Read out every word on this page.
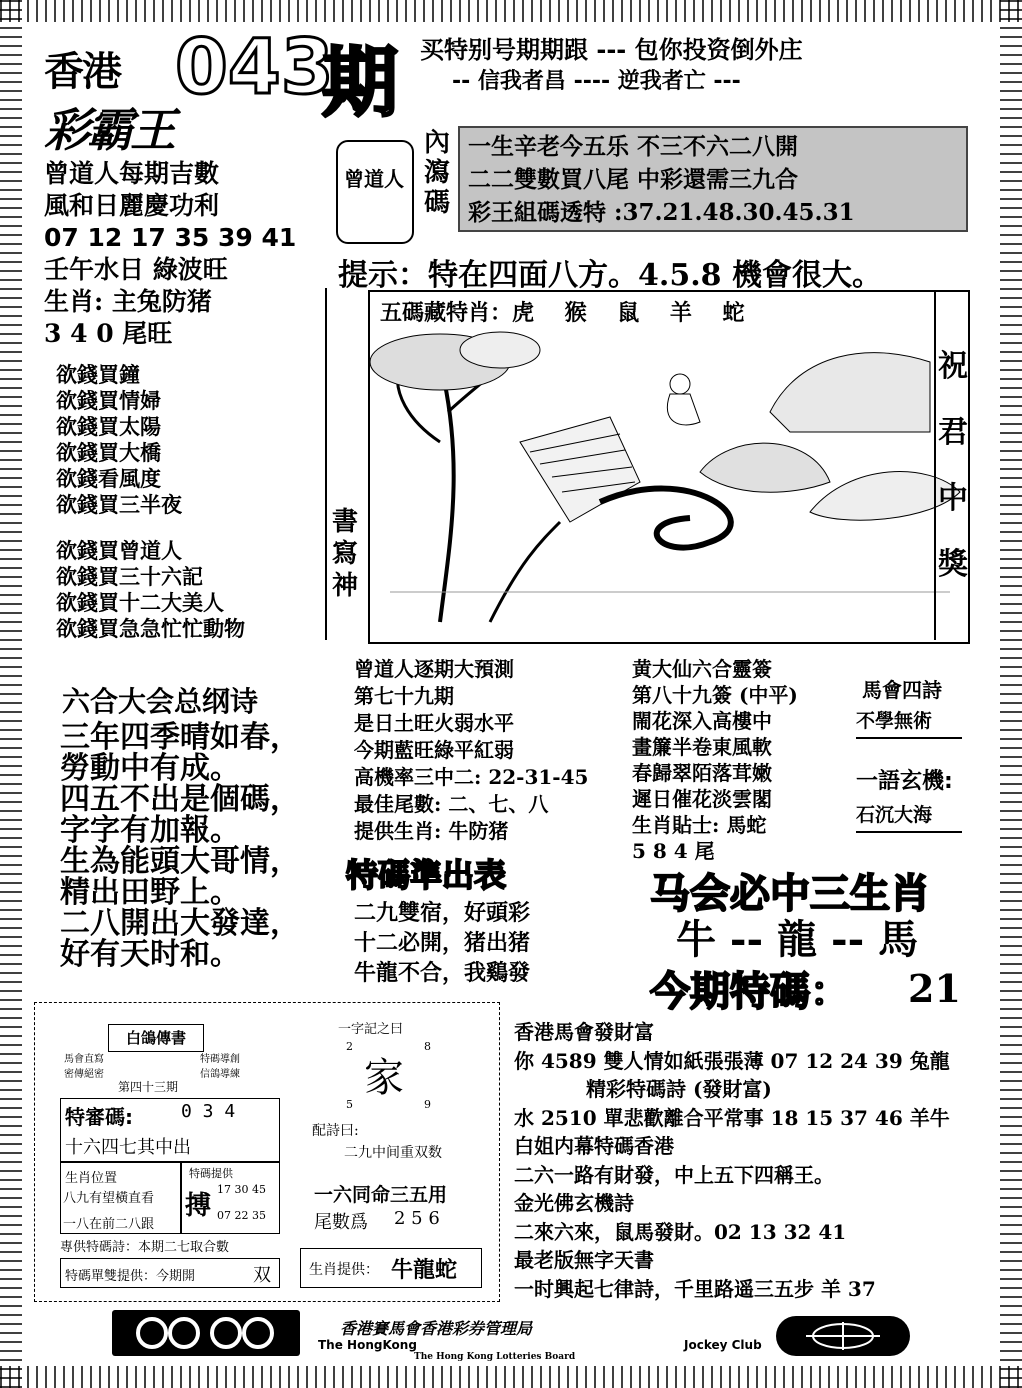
香港 043
期
彩霸王
买特别号期期跟 --- 包你投资倒外庄
-- 信我者昌 ---- 逆我者亡 ---
曾道人每期吉數
風和日麗慶功利
07 12 17 35 39 41
壬午水日 綠波旺
生肖: 主兔防猪
3 4 0 尾旺
曾道人
內
瀉
碼
一生辛老今五乐 不三不六二八開
二二雙數買八尾 中彩還需三九合
彩王組碼透特 :37.21.48.30.45.31
提示：特在四面八方。4.5.8 機會很大。
書寫神
五碼藏特肖：虎    猴    鼠    羊    蛇
祝
君
中
獎
欲錢買鐘
欲錢買情婦
欲錢買太陽
欲錢買大橋
欲錢看風度
欲錢買三半夜
欲錢買曾道人
欲錢買三十六記
欲錢買十二大美人
欲錢買急急忙忙動物
六合大会总纲诗
三年四季晴如春，
勞動中有成。
四五不出是個碼，
字字有加報。
生為能頭大哥情，
精出田野上。
二八開出大發達，
好有天时和。
曾道人逐期大預測
第七十九期
是日土旺火弱水平
今期藍旺綠平紅弱
高機率三中二: 22-31-45
最佳尾數: 二、七、八
提供生肖: 牛防猪
黄大仙六合靈簽
第八十九簽 (中平)
閙花深入高樓中
畫簾半卷東風軟
春歸翠陌落茸嫩
遲日催花淡雲閣
生肖貼士: 馬蛇
5 8 4 尾
馬會四詩
不學無術
一語玄機:
石沉大海
特碼準出表
二九雙宿，好頭彩
十二必開，猪出猪
牛龍不合，我鷄發
马会必中三生肖
牛 -- 龍 -- 馬
今期特碼： 21
白鴿傳書
馬會直寫 密傳絕密
特碼導創 信鴿導練
第四十三期
特審碼:	0 3 4
十六四七其中出
生肖位置
八九有望橫直看
一八在前二八跟
特碼提供
搏
17 30 45
07 22 35
專供特碼詩：本期二七取合數
特碼單雙提供：今期開	双
一字記之曰
2	8
家
5	9
配詩曰:
二九中间重双数
一六同命三五用
尾數爲 2 5 6
生肖提供： 牛龍蛇
香港馬會發財富
你 4589 雙人情如紙張張薄 07 12 24 39 兔龍
精彩特碼詩 (發財富)
水 2510 單悲歡離合平常事 18 15 37 46 羊牛
白姐内幕特碼香港
二六一路有財發，中上五下四稱王。
金光佛玄機詩
二來六來，鼠馬發財。02 13 32 41
最老版無字天書
一时興起七律詩，千里路遥三五步 羊 37
香港賽馬會香港彩券管理局
The HongKong	Jockey Club
The Hong Kong Lotteries Board
